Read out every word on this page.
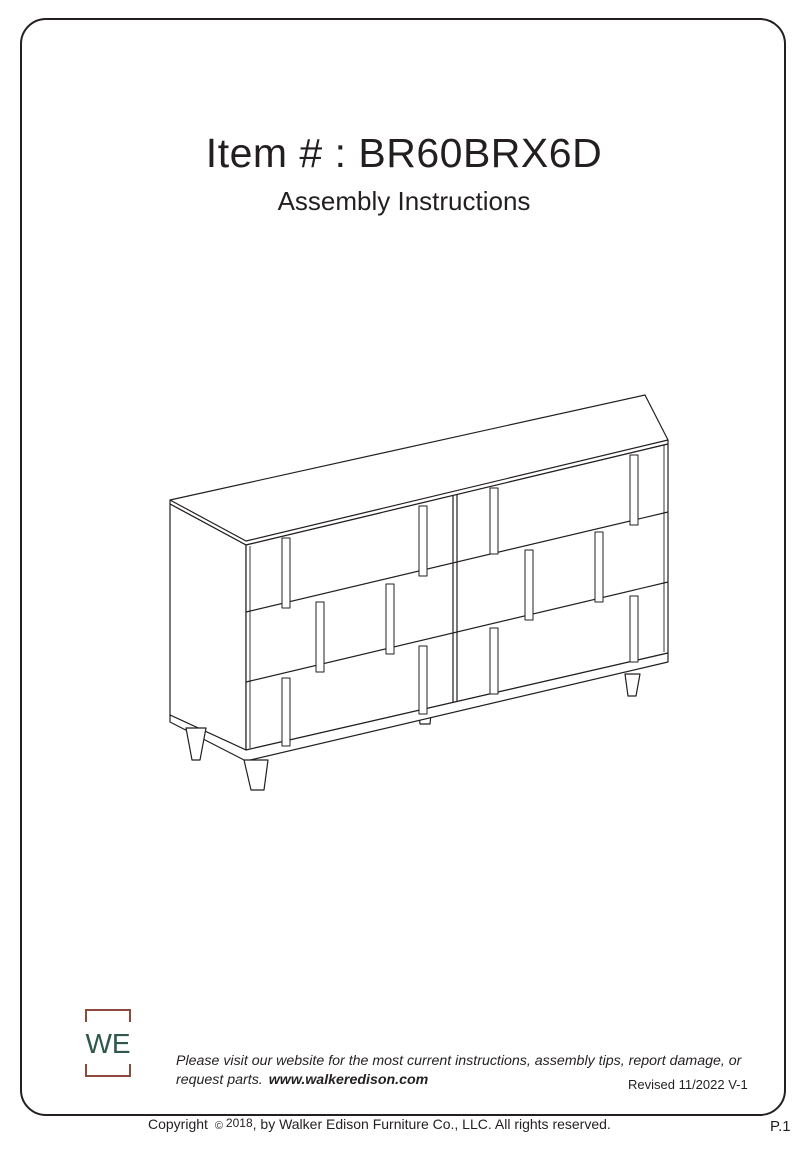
Item # : BR60BRX6D
Assembly Instructions
WE
Please visit our website for the most current instructions, assembly tips, report damage, or request parts. www.walkeredison.com	Revised 11/2022 V-1
Copyright © 2018, by Walker Edison Furniture Co., LLC. All rights reserved.	P.1
